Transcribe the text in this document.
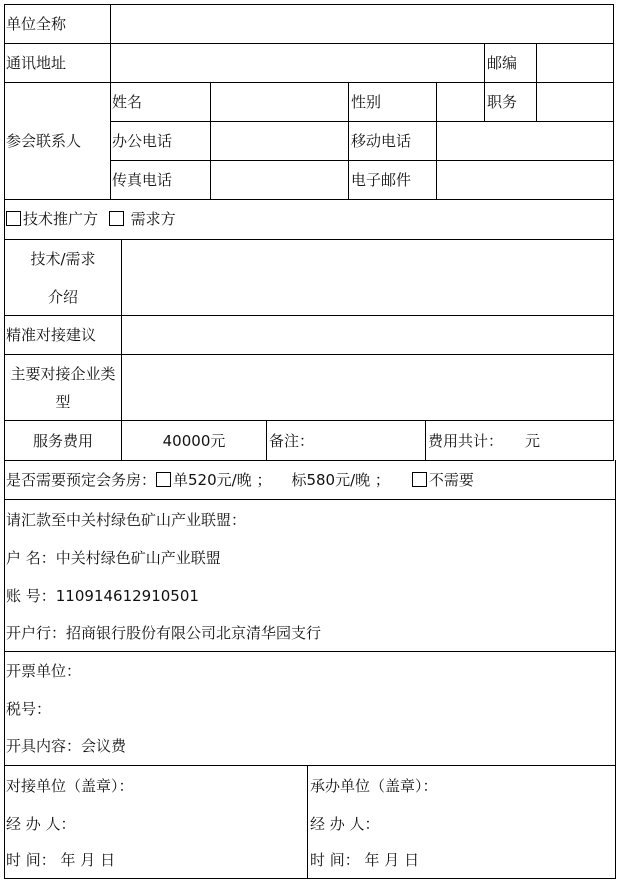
单位全称
通讯地址	邮编
参会联系人
姓名	性别	职务
办公电话	移动电话
传真电话	电子邮件
技术推广方 需求方
技术/需求
介绍
精准对接建议
主要对接企业类
型
服务费用	40000元	备注：	费用共计： 元
是否需要预定会务房： 单520元/晚 ； 标580元/晚 ；	不需要
请汇款至中关村绿色矿山产业联盟：
户 名：中关村绿色矿山产业联盟
账 号：110914612910501
开户行：招商银行股份有限公司北京清华园支行
开票单位：
税号：
开具内容：会议费
对接单位（盖章）：
经 办 人：
时 间： 年 月 日
承办单位（盖章）：
经 办 人：
时 间： 年 月 日
